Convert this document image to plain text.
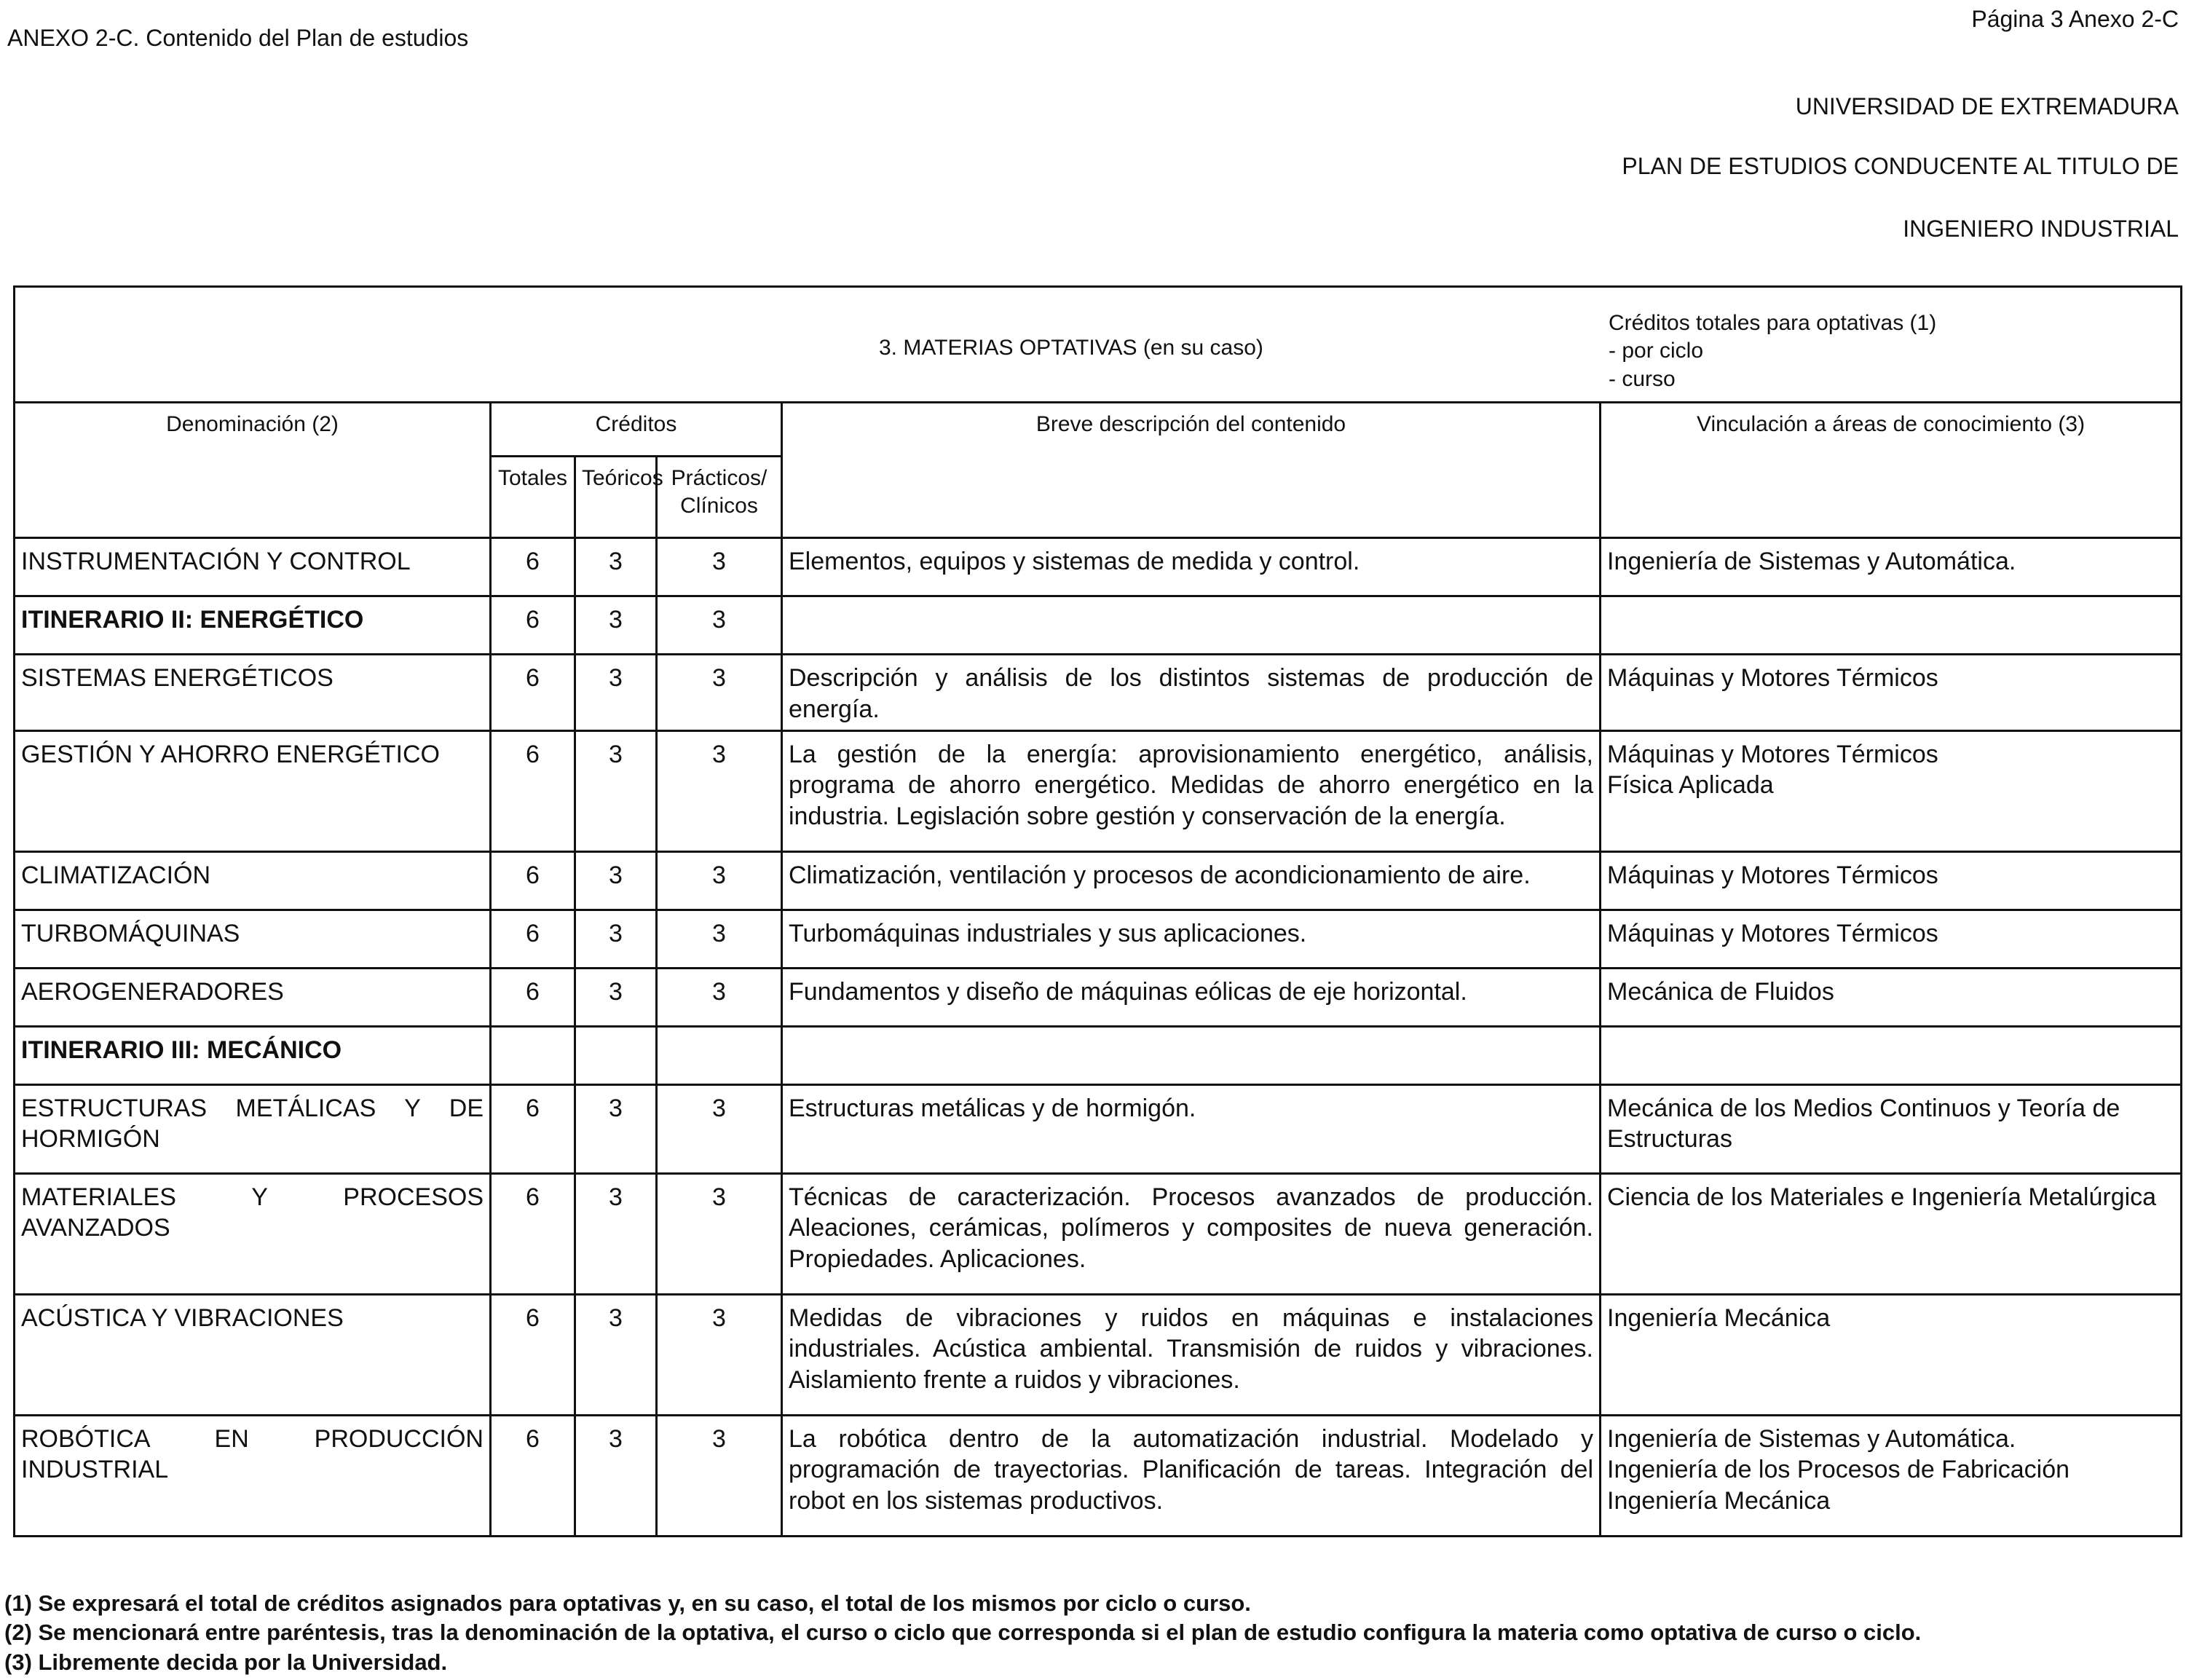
ANEXO 2-C. Contenido del Plan de estudios
Página 3 Anexo 2-C
UNIVERSIDAD DE EXTREMADURA
PLAN DE ESTUDIOS CONDUCENTE AL TITULO DE
INGENIERO INDUSTRIAL
3. MATERIAS OPTATIVAS (en su caso)
Créditos totales para optativas (1)
- por ciclo
- curso					

Denominación (2)	Créditos			Breve descripción del contenido	Vinculación a áreas de conocimiento (3)
	Totales	Teóricos	Prácticos/ Clínicos		
INSTRUMENTACIÓN Y CONTROL	6	3	3	Elementos, equipos y sistemas de medida y control.	Ingeniería de Sistemas y Automática.
ITINERARIO II: ENERGÉTICO	6	3	3		
SISTEMAS ENERGÉTICOS	6	3	3	Descripción y análisis de los distintos sistemas de producción de energía.	Máquinas y Motores Térmicos
GESTIÓN Y AHORRO ENERGÉTICO	6	3	3	La gestión de la energía: aprovisionamiento energético, análisis, programa de ahorro energético. Medidas de ahorro energético en la industria. Legislación sobre gestión y conservación de la energía.	Máquinas y Motores Térmicos
Física Aplicada
CLIMATIZACIÓN	6	3	3	Climatización, ventilación y procesos de acondicionamiento de aire.	Máquinas y Motores Térmicos
TURBOMÁQUINAS	6	3	3	Turbomáquinas industriales y sus aplicaciones.	Máquinas y Motores Térmicos
AEROGENERADORES	6	3	3	Fundamentos y diseño de máquinas eólicas de eje horizontal.	Mecánica de Fluidos
ITINERARIO III: MECÁNICO					
ESTRUCTURAS METÁLICAS Y DE HORMIGÓN	6	3	3	Estructuras metálicas y de hormigón.	Mecánica de los Medios Continuos y Teoría de Estructuras
MATERIALES Y PROCESOS AVANZADOS	6	3	3	Técnicas de caracterización. Procesos avanzados de producción. Aleaciones, cerámicas, polímeros y composites de nueva generación. Propiedades. Aplicaciones.	Ciencia de los Materiales e Ingeniería Metalúrgica
ACÚSTICA Y VIBRACIONES	6	3	3	Medidas de vibraciones y ruidos en máquinas e instalaciones industriales. Acústica ambiental. Transmisión de ruidos y vibraciones. Aislamiento frente a ruidos y vibraciones.	Ingeniería Mecánica
ROBÓTICA EN PRODUCCIÓN INDUSTRIAL	6	3	3	La robótica dentro de la automatización industrial. Modelado y programación de trayectorias. Planificación de tareas. Integración del robot en los sistemas productivos.	Ingeniería de Sistemas y Automática.
Ingeniería de los Procesos de Fabricación
Ingeniería Mecánica
(1) Se expresará el total de créditos asignados para optativas y, en su caso, el total de los mismos por ciclo o curso.
(2) Se mencionará entre paréntesis, tras la denominación de la optativa, el curso o ciclo que corresponda si el plan de estudio configura la materia como optativa de curso o ciclo.
(3) Libremente decida por la Universidad.
